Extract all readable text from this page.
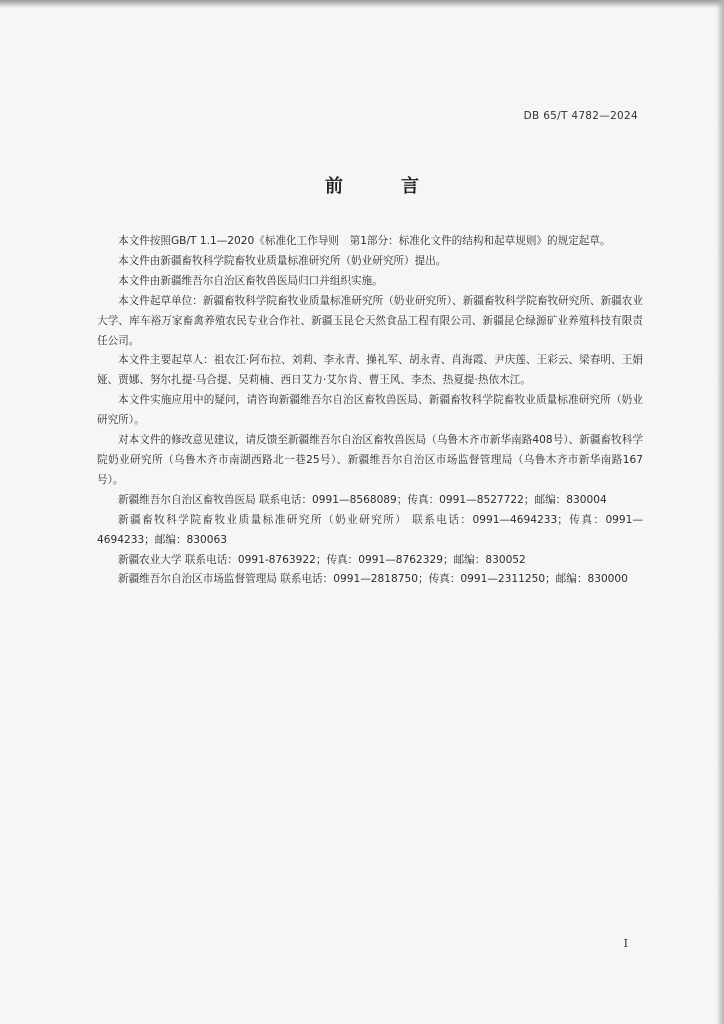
DB 65/T 4782—2024
前　言

本文件按照GB/T 1.1—2020《标准化工作导则　第1部分：标准化文件的结构和起草规则》的规定起草。

本文件由新疆畜牧科学院畜牧业质量标准研究所（奶业研究所）提出。

本文件由新疆维吾尔自治区畜牧兽医局归口并组织实施。

本文件起草单位：新疆畜牧科学院畜牧业质量标准研究所（奶业研究所）、新疆畜牧科学院畜牧研究所、新疆农业大学、库车裕万家畜禽养殖农民专业合作社、新疆玉昆仑天然食品工程有限公司、新疆昆仑绿源矿业养殖科技有限责任公司。

本文件主要起草人：祖农江·阿布拉、刘莉、李永青、操礼军、胡永青、肖海霞、尹庆莲、王彩云、梁春明、王娟娅、贾娜、努尔扎提·马合提、吴莉楠、西日艾力·艾尔肯、曹王风、李杰、热夏提·热依木江。

本文件实施应用中的疑问，请咨询新疆维吾尔自治区畜牧兽医局、新疆畜牧科学院畜牧业质量标准研究所（奶业研究所）。

对本文件的修改意见建议，请反馈至新疆维吾尔自治区畜牧兽医局（乌鲁木齐市新华南路408号）、新疆畜牧科学院奶业研究所（乌鲁木齐市南湖西路北一巷25号）、新疆维吾尔自治区市场监督管理局（乌鲁木齐市新华南路167 号）。

新疆维吾尔自治区畜牧兽医局 联系电话：0991—8568089；传真：0991—8527722；邮编：830004

新疆畜牧科学院畜牧业质量标准研究所（奶业研究所） 联系电话：0991—4694233；传真：0991—4694233；邮编：830063

新疆农业大学 联系电话：0991-8763922；传真：0991—8762329；邮编：830052

新疆维吾尔自治区市场监督管理局 联系电话：0991—2818750；传真：0991—2311250；邮编：830000

I
